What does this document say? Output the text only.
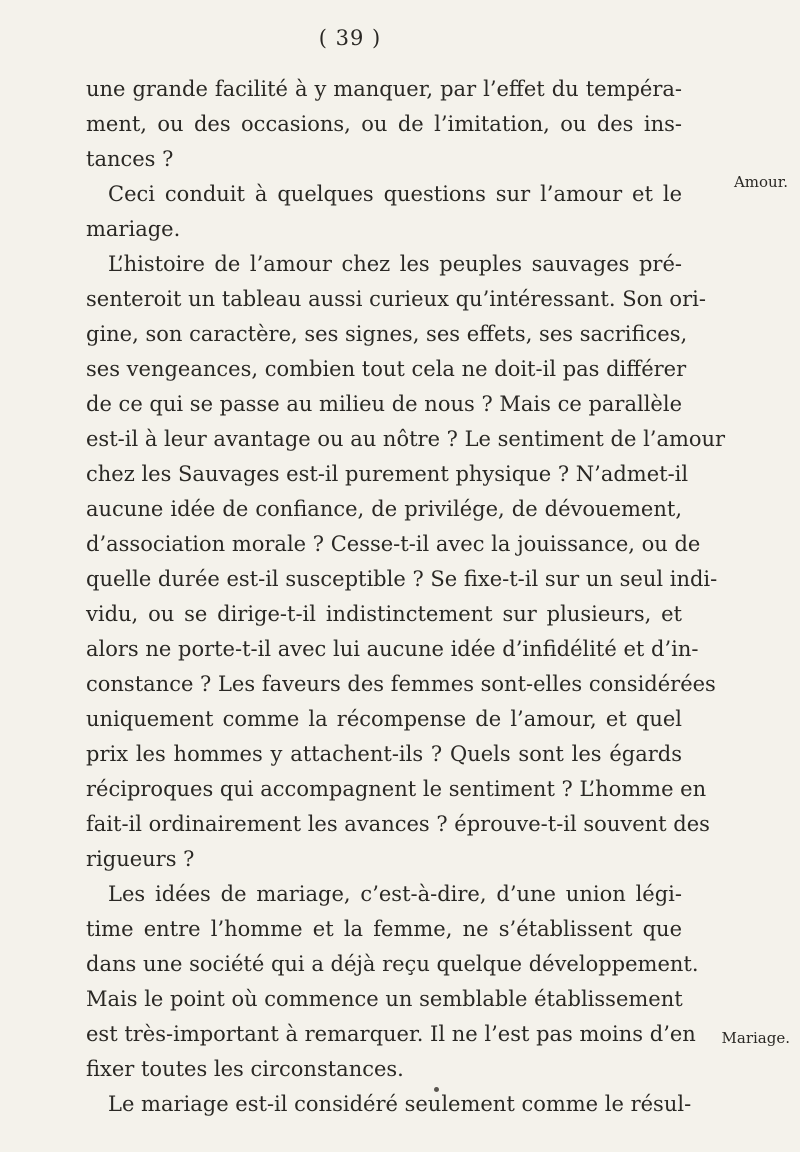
( 39 )
une grande facilité à y manquer, par l’effet du tempéra-
ment, ou des occasions, ou de l’imitation, ou des ins-
tances ?
Ceci conduit à quelques questions sur l’amour et le
mariage.
L’histoire de l’amour chez les peuples sauvages pré-
senteroit un tableau aussi curieux qu’intéressant. Son ori-
gine, son caractère, ses signes, ses effets, ses sacrifices,
ses vengeances, combien tout cela ne doit-il pas différer
de ce qui se passe au milieu de nous ? Mais ce parallèle
est-il à leur avantage ou au nôtre ? Le sentiment de l’amour
chez les Sauvages est-il purement physique ? N’admet-il
aucune idée de confiance, de privilége, de dévouement,
d’association morale ? Cesse-t-il avec la jouissance, ou de
quelle durée est-il susceptible ? Se fixe-t-il sur un seul indi-
vidu, ou se dirige-t-il indistinctement sur plusieurs, et
alors ne porte-t-il avec lui aucune idée d’infidélité et d’in-
constance ? Les faveurs des femmes sont-elles considérées
uniquement comme la récompense de l’amour, et quel
prix les hommes y attachent-ils ? Quels sont les égards
réciproques qui accompagnent le sentiment ? L’homme en
fait-il ordinairement les avances ? éprouve-t-il souvent des
rigueurs ?
Les idées de mariage, c’est-à-dire, d’une union légi-
time entre l’homme et la femme, ne s’établissent que
dans une société qui a déjà reçu quelque développement.
Mais le point où commence un semblable établissement
est très-important à remarquer. Il ne l’est pas moins d’en
fixer toutes les circonstances.
Le mariage est-il considéré seulement comme le résul-
Amour.
Mariage.
